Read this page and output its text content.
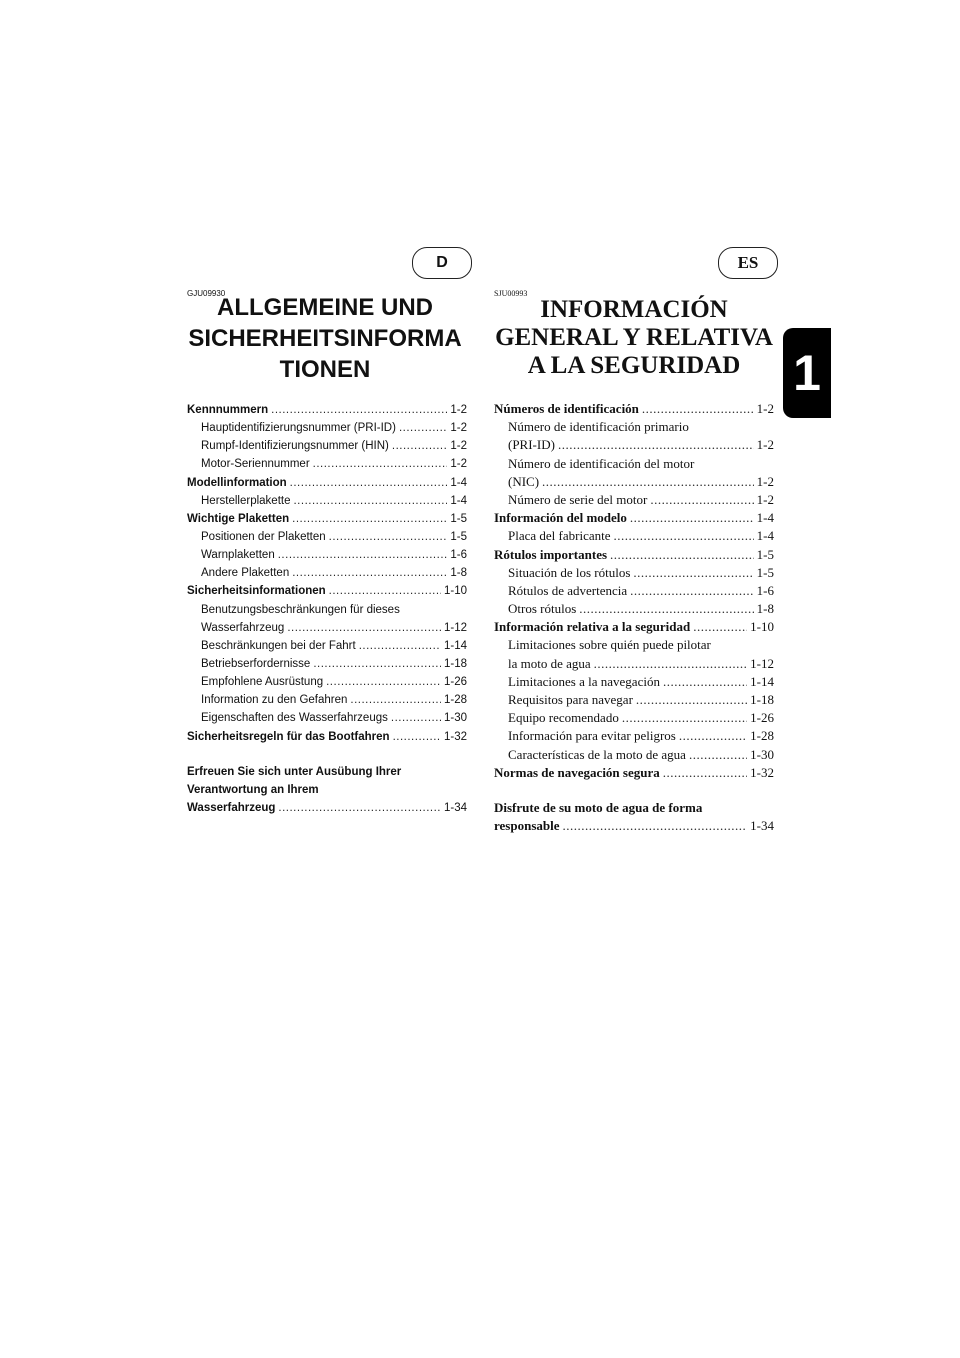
D	ES
1
GJU09930	SJU00993
ALLGEMEINE UND
SICHERHEITSINFORMA
TIONEN
INFORMACIÓN
GENERAL Y RELATIVA
A LA SEGURIDAD
Kennnummern .....	1-2
Hauptidentifizierungsnummer (PRI-ID) .....	1-2
Rumpf-Identifizierungsnummer (HIN) .....	1-2
Motor-Seriennummer .....	1-2
Modellinformation .....	1-4
Herstellerplakette .....	1-4
Wichtige Plaketten .....	1-5
Positionen der Plaketten .....	1-5
Warnplaketten .....	1-6
Andere Plaketten .....	1-8
Sicherheitsinformationen .....	1-10
Benutzungsbeschränkungen für dieses
Wasserfahrzeug .....	1-12
Beschränkungen bei der Fahrt .....	1-14
Betriebserfordernisse .....	1-18
Empfohlene Ausrüstung .....	1-26
Information zu den Gefahren .....	1-28
Eigenschaften des Wasserfahrzeugs .....	1-30
Sicherheitsregeln für das Bootfahren .....	1-32
Erfreuen Sie sich unter Ausübung Ihrer
Verantwortung an Ihrem
Wasserfahrzeug .....	1-34
Números de identificación .....	1-2
Número de identificación primario
(PRI-ID) .....	1-2
Número de identificación del motor
(NIC) .....	1-2
Número de serie del motor .....	1-2
Información del modelo .....	1-4
Placa del fabricante .....	1-4
Rótulos importantes .....	1-5
Situación de los rótulos .....	1-5
Rótulos de advertencia .....	1-6
Otros rótulos .....	1-8
Información relativa a la seguridad .....	1-10
Limitaciones sobre quién puede pilotar
la moto de agua .....	1-12
Limitaciones a la navegación .....	1-14
Requisitos para navegar .....	1-18
Equipo recomendado .....	1-26
Información para evitar peligros .....	1-28
Características de la moto de agua .....	1-30
Normas de navegación segura .....	1-32
Disfrute de su moto de agua de forma
responsable .....	1-34
